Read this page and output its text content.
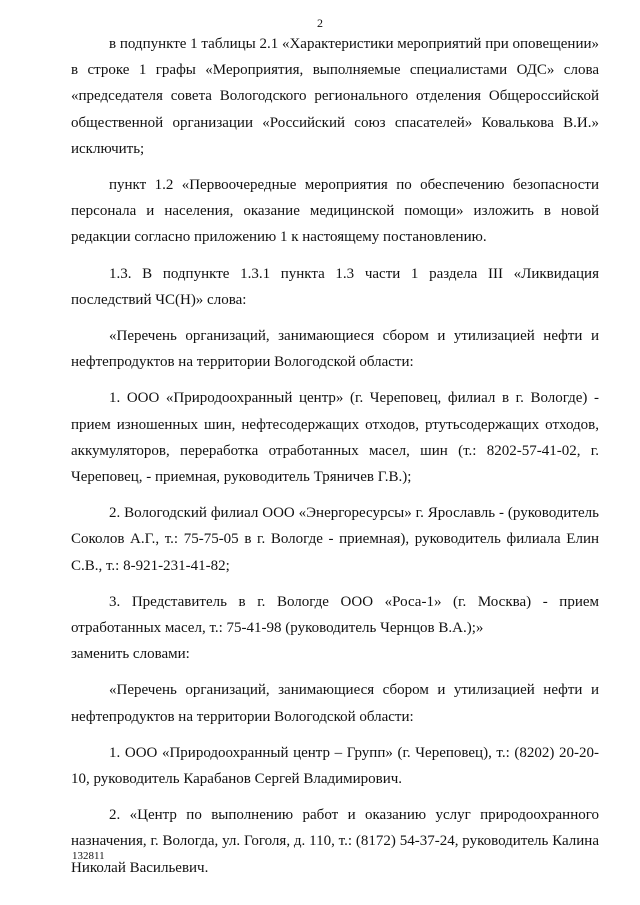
2

в подпункте 1 таблицы 2.1 «Характеристики мероприятий при оповещении» в строке 1 графы «Мероприятия, выполняемые специалистами ОДС» слова «председателя совета Вологодского регионального отделения Общероссийской общественной организации «Российский союз спасателей» Ковалькова В.И.» исключить;

пункт 1.2 «Первоочередные мероприятия по обеспечению безопасности персонала и населения, оказание медицинской помощи» изложить в новой редакции согласно приложению 1 к настоящему постановлению.

1.3. В подпункте 1.3.1 пункта 1.3 части 1 раздела III «Ликвидация последствий ЧС(Н)» слова:

«Перечень организаций, занимающиеся сбором и утилизацией нефти и нефтепродуктов на территории Вологодской области:

1. ООО «Природоохранный центр» (г. Череповец, филиал в г. Вологде) - прием изношенных шин, нефтесодержащих отходов, ртутьсодержащих отходов, аккумуляторов, переработка отработанных масел, шин (т.: 8202-57-41-02, г. Череповец, - приемная, руководитель Тряничев Г.В.);

2. Вологодский филиал ООО «Энергоресурсы» г. Ярославль - (руководитель Соколов А.Г., т.: 75-75-05 в г. Вологде - приемная), руководитель филиала Елин С.В., т.: 8-921-231-41-82;

3. Представитель в г. Вологде ООО «Роса-1» (г. Москва) - прием отработанных масел, т.: 75-41-98 (руководитель Чернцов В.А.);»

заменить словами:

«Перечень организаций, занимающиеся сбором и утилизацией нефти и нефтепродуктов на территории Вологодской области:

1. ООО «Природоохранный центр – Групп» (г. Череповец), т.: (8202) 20-20-10, руководитель Карабанов Сергей Владимирович.

2. «Центр по выполнению работ и оказанию услуг природоохранного назначения, г. Вологда, ул. Гоголя, д. 110, т.: (8172) 54-37-24, руководитель Калина Николай Васильевич.

132811
